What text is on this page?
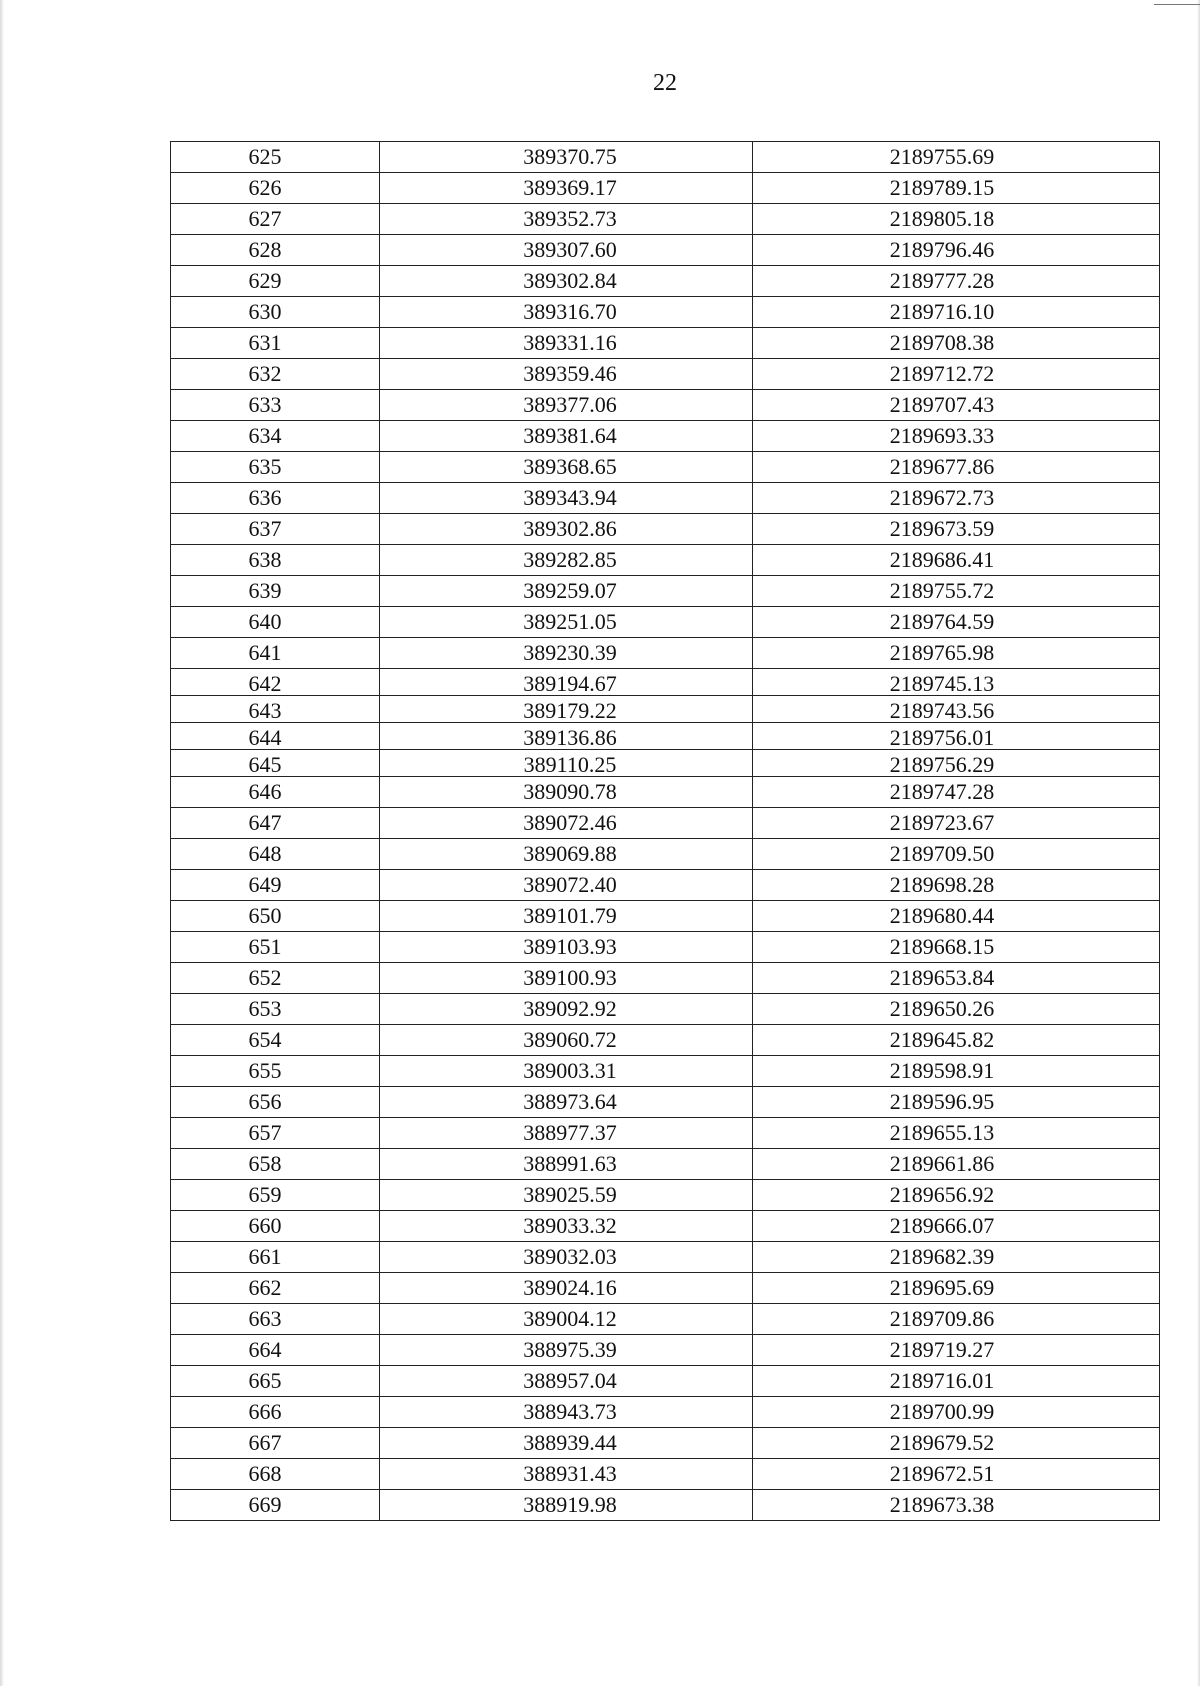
22
625	389370.75	2189755.69
626	389369.17	2189789.15
627	389352.73	2189805.18
628	389307.60	2189796.46
629	389302.84	2189777.28
630	389316.70	2189716.10
631	389331.16	2189708.38
632	389359.46	2189712.72
633	389377.06	2189707.43
634	389381.64	2189693.33
635	389368.65	2189677.86
636	389343.94	2189672.73
637	389302.86	2189673.59
638	389282.85	2189686.41
639	389259.07	2189755.72
640	389251.05	2189764.59
641	389230.39	2189765.98
642	389194.67	2189745.13
643	389179.22	2189743.56
644	389136.86	2189756.01
645	389110.25	2189756.29
646	389090.78	2189747.28
647	389072.46	2189723.67
648	389069.88	2189709.50
649	389072.40	2189698.28
650	389101.79	2189680.44
651	389103.93	2189668.15
652	389100.93	2189653.84
653	389092.92	2189650.26
654	389060.72	2189645.82
655	389003.31	2189598.91
656	388973.64	2189596.95
657	388977.37	2189655.13
658	388991.63	2189661.86
659	389025.59	2189656.92
660	389033.32	2189666.07
661	389032.03	2189682.39
662	389024.16	2189695.69
663	389004.12	2189709.86
664	388975.39	2189719.27
665	388957.04	2189716.01
666	388943.73	2189700.99
667	388939.44	2189679.52
668	388931.43	2189672.51
669	388919.98	2189673.38
